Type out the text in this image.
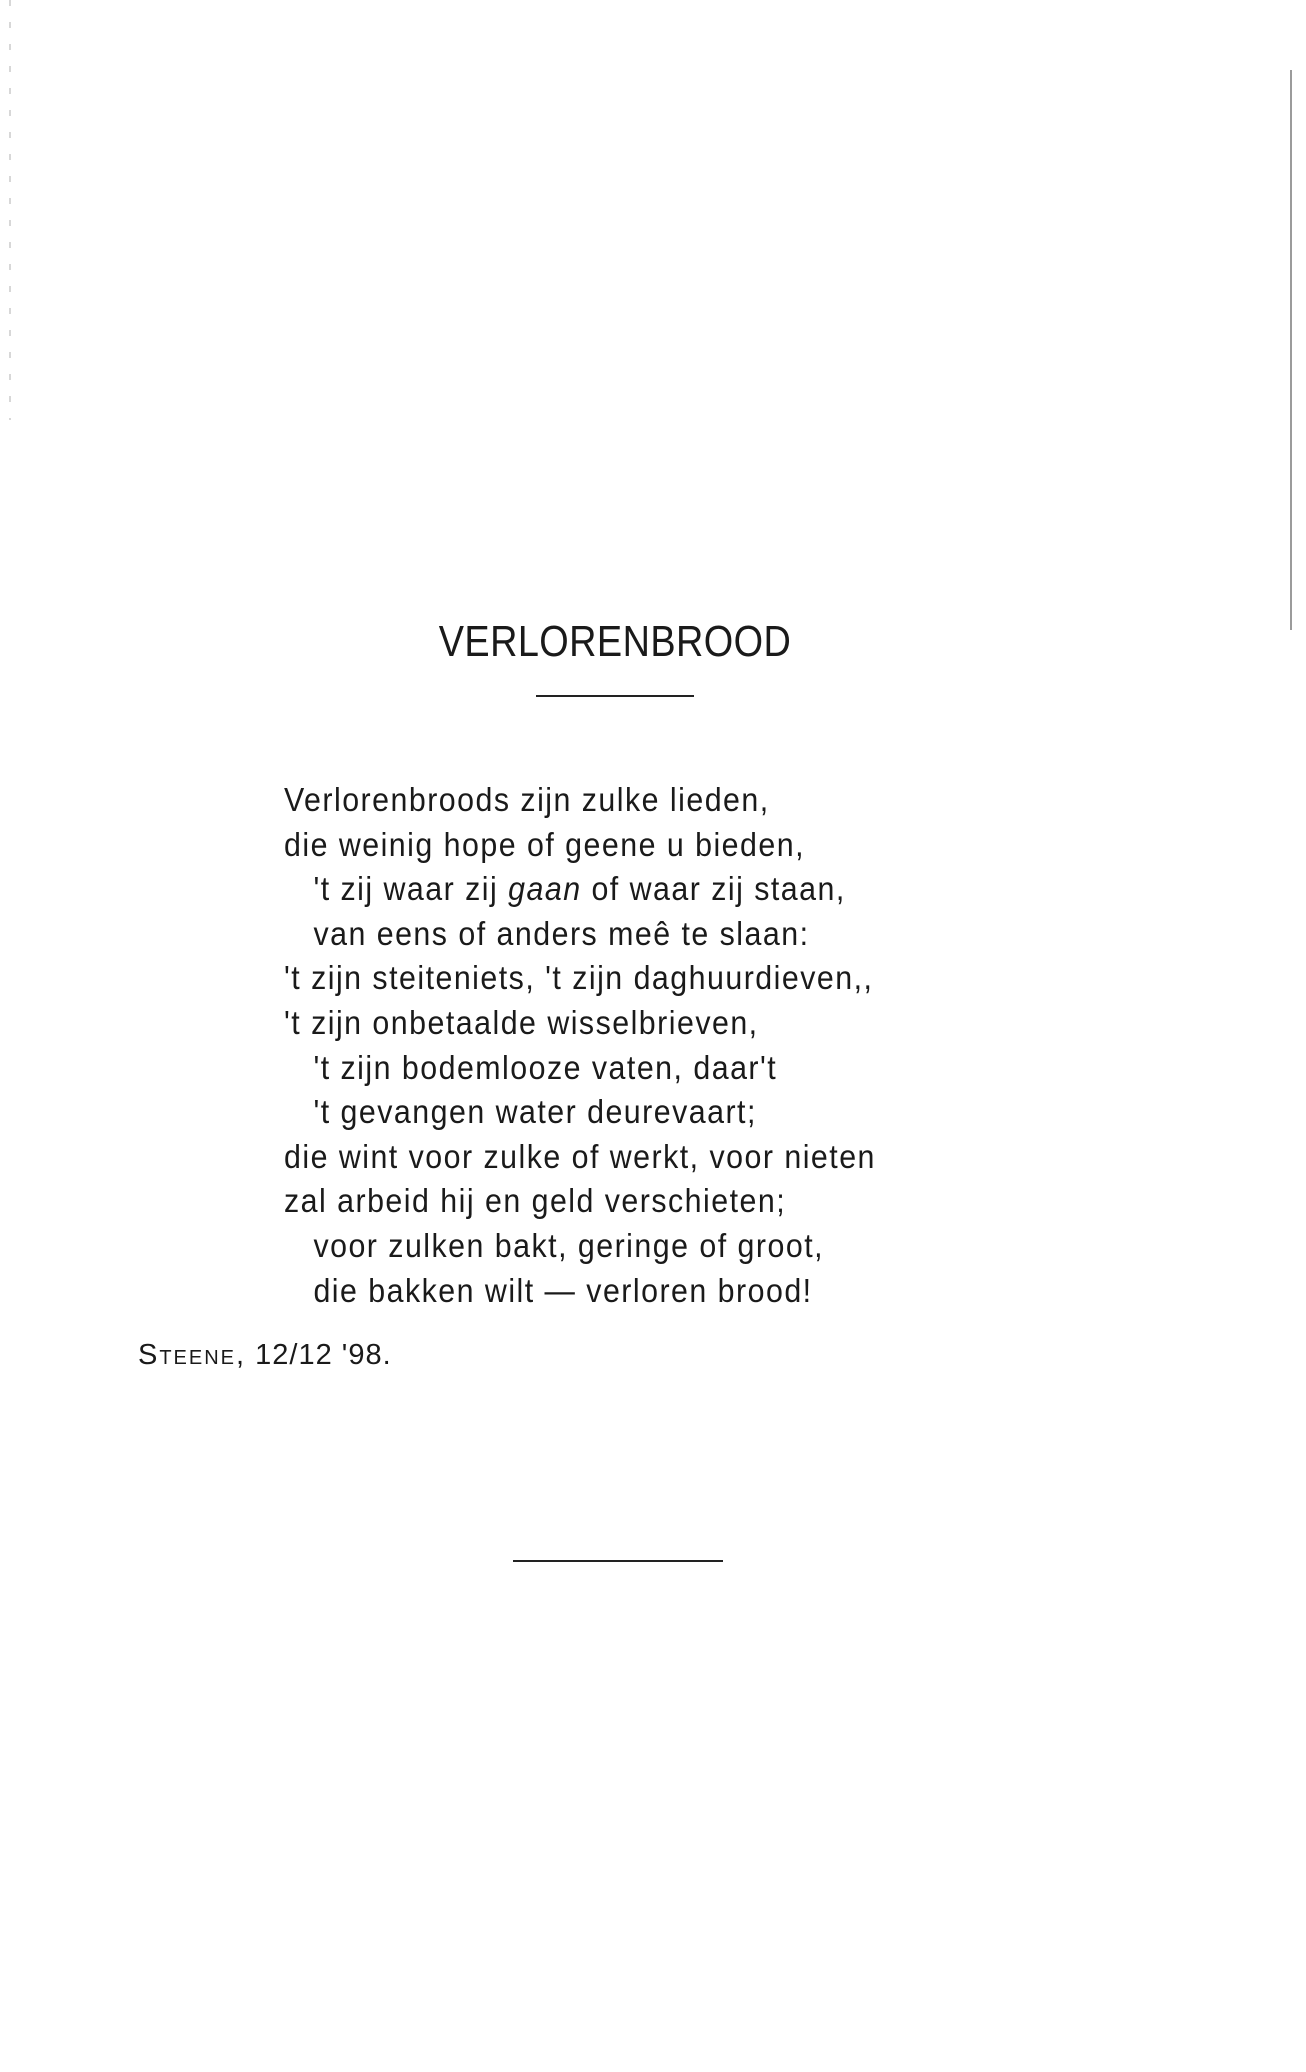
VERLORENBROOD
Verlorenbroods zijn zulke lieden,
die weinig hope of geene u bieden,
't zij waar zij gaan of waar zij staan,
van eens of anders meê te slaan:
't zijn steiteniets, 't zijn daghuurdieven,,
't zijn onbetaalde wisselbrieven,
't zijn bodemlooze vaten, daar't
't gevangen water deurevaart;
die wint voor zulke of werkt, voor nieten
zal arbeid hij en geld verschieten;
voor zulken bakt, geringe of groot,
die bakken wilt — verloren brood!
Steene, 12/12 '98.
